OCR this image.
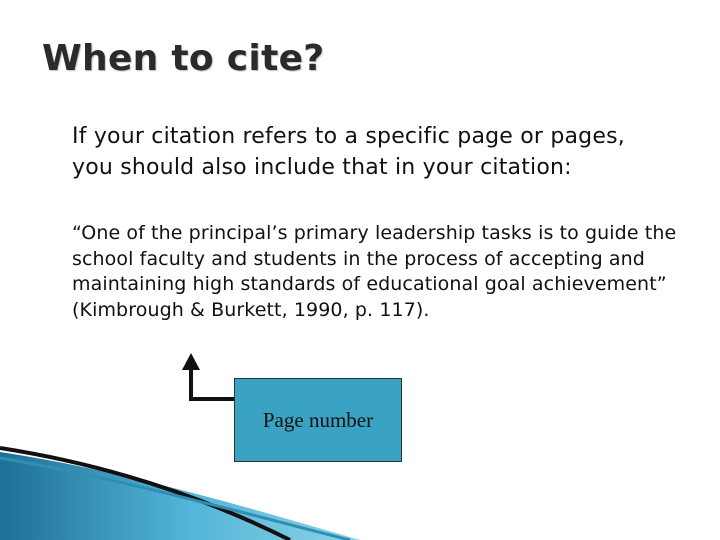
When to cite?
If your citation refers to a specific page or pages, you should also include that in your citation:
“One of the principal’s primary leadership tasks is to guide the school faculty and students in the process of accepting and maintaining high standards of educational goal achievement” (Kimbrough & Burkett, 1990, p. 117).
Page number
